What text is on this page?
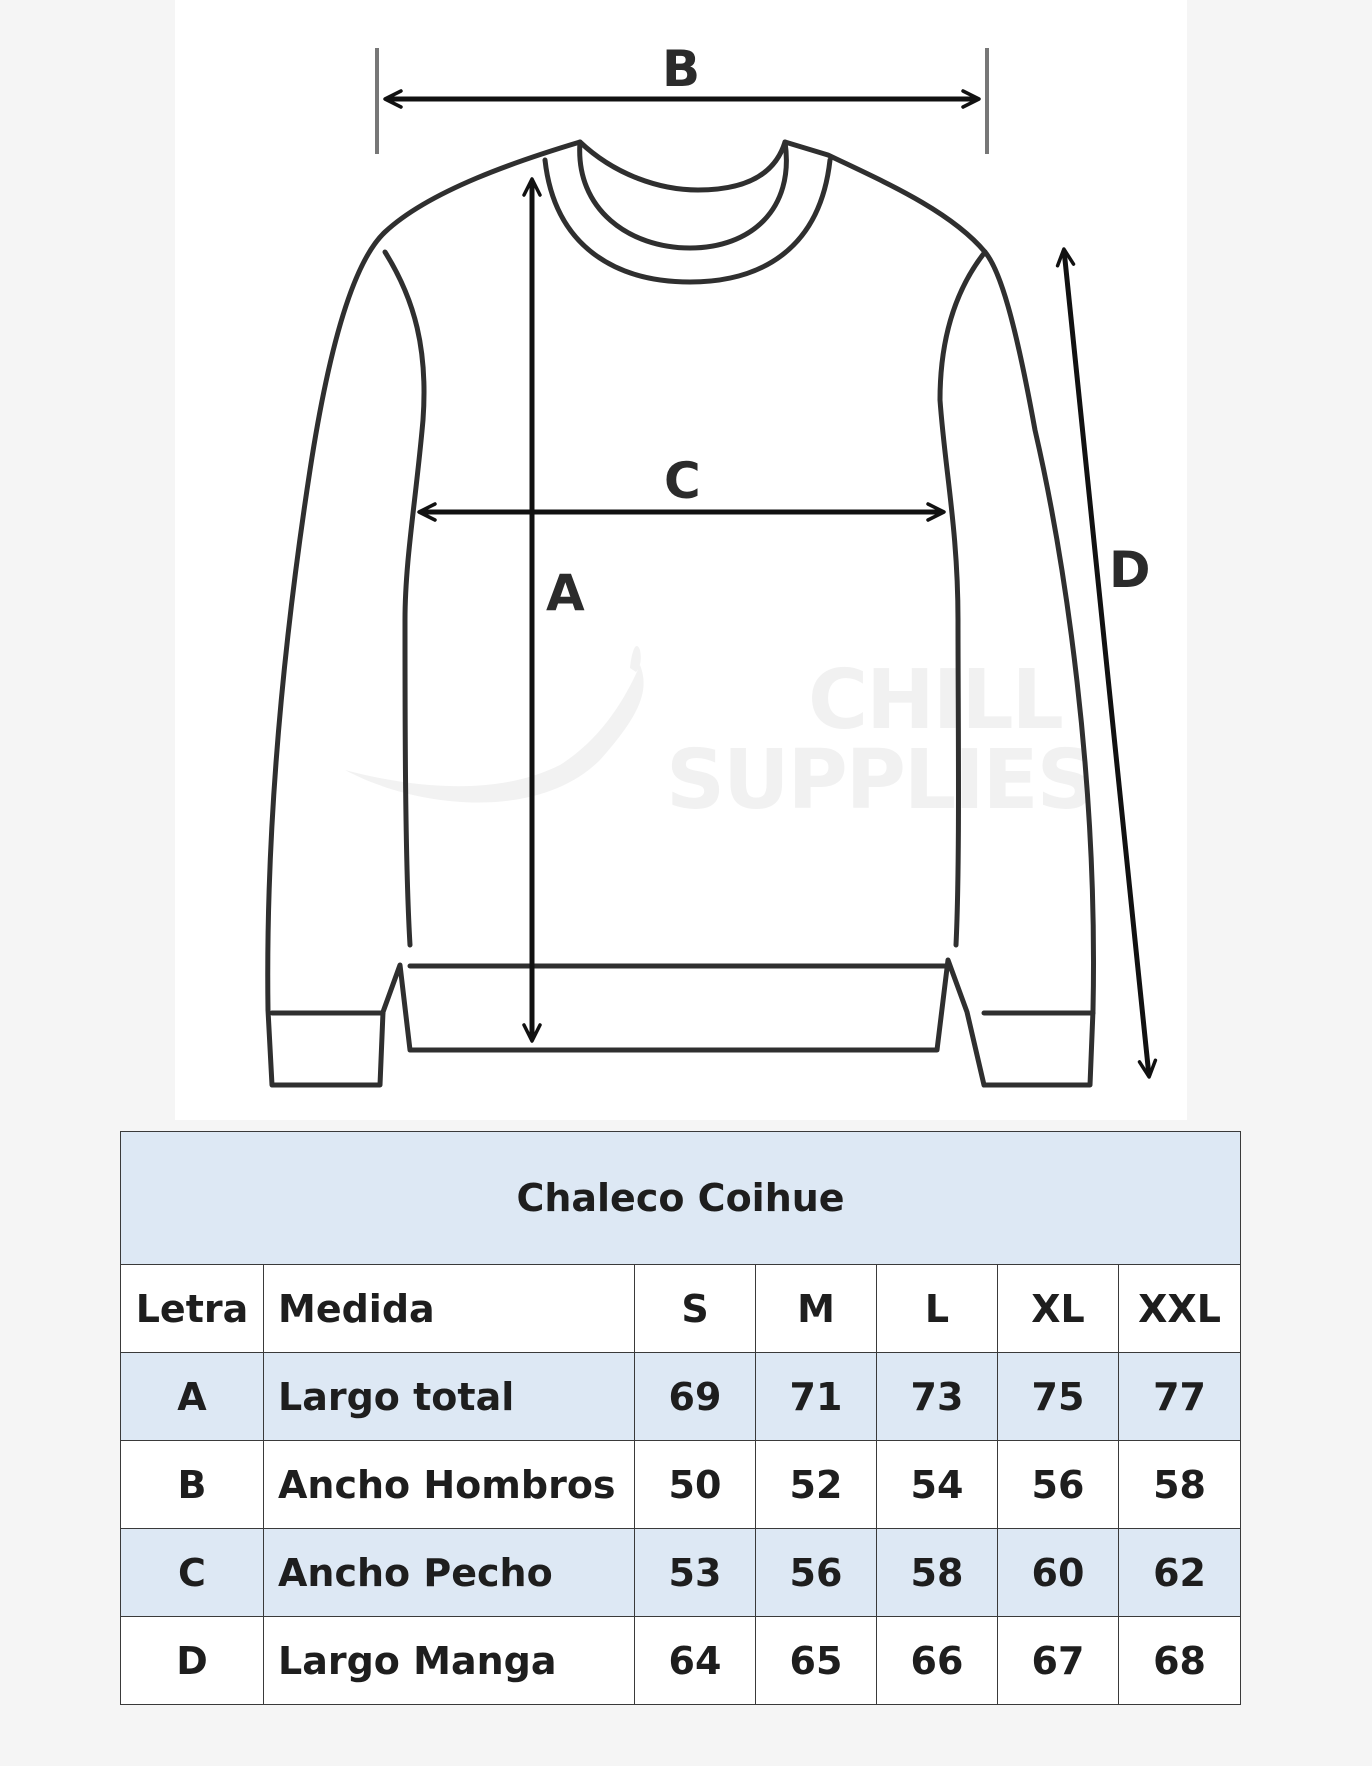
CHILL
SUPPLIES
B
C
A	D
Chaleco Coihue						
Letra	Medida	S	M	L	XL	XXL
A	Largo total	69	71	73	75	77
B	Ancho Hombros	50	52	54	56	58
C	Ancho Pecho	53	56	58	60	62
D	Largo Manga	64	65	66	67	68
